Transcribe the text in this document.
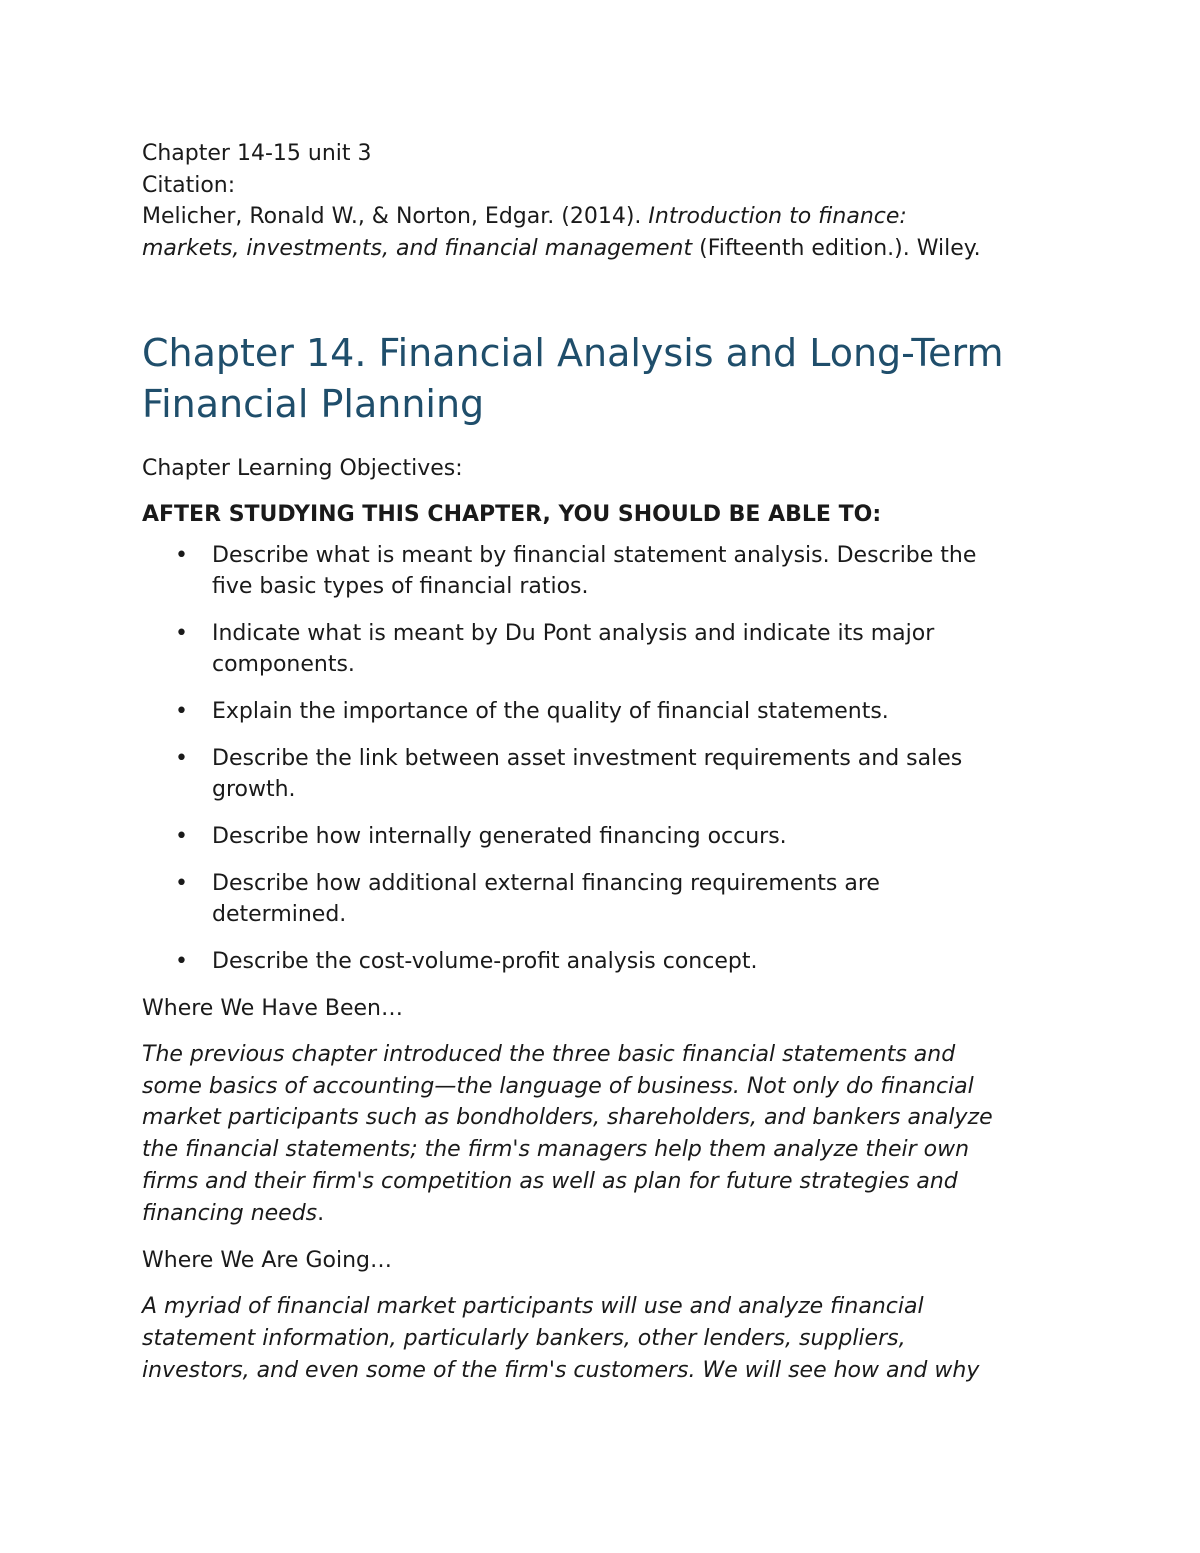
Chapter 14-15 unit 3
Citation:
Melicher, Ronald W., & Norton, Edgar. (2014). Introduction to finance:
markets, investments, and financial management (Fifteenth edition.). Wiley.
Chapter 14. Financial Analysis and Long-Term
Financial Planning

Chapter Learning Objectives:

AFTER STUDYING THIS CHAPTER, YOU SHOULD BE ABLE TO:

• Describe what is meant by financial statement analysis. Describe the
five basic types of financial ratios.
• Indicate what is meant by Du Pont analysis and indicate its major
components.
• Explain the importance of the quality of financial statements.
• Describe the link between asset investment requirements and sales
growth.
• Describe how internally generated financing occurs.
• Describe how additional external financing requirements are
determined.
• Describe the cost-volume-profit analysis concept.

Where We Have Been…

The previous chapter introduced the three basic financial statements and
some basics of accounting—the language of business. Not only do financial
market participants such as bondholders, shareholders, and bankers analyze
the financial statements; the firm's managers help them analyze their own
firms and their firm's competition as well as plan for future strategies and
financing needs.

Where We Are Going…

A myriad of financial market participants will use and analyze financial
statement information, particularly bankers, other lenders, suppliers,
investors, and even some of the firm's customers. We will see how and why
